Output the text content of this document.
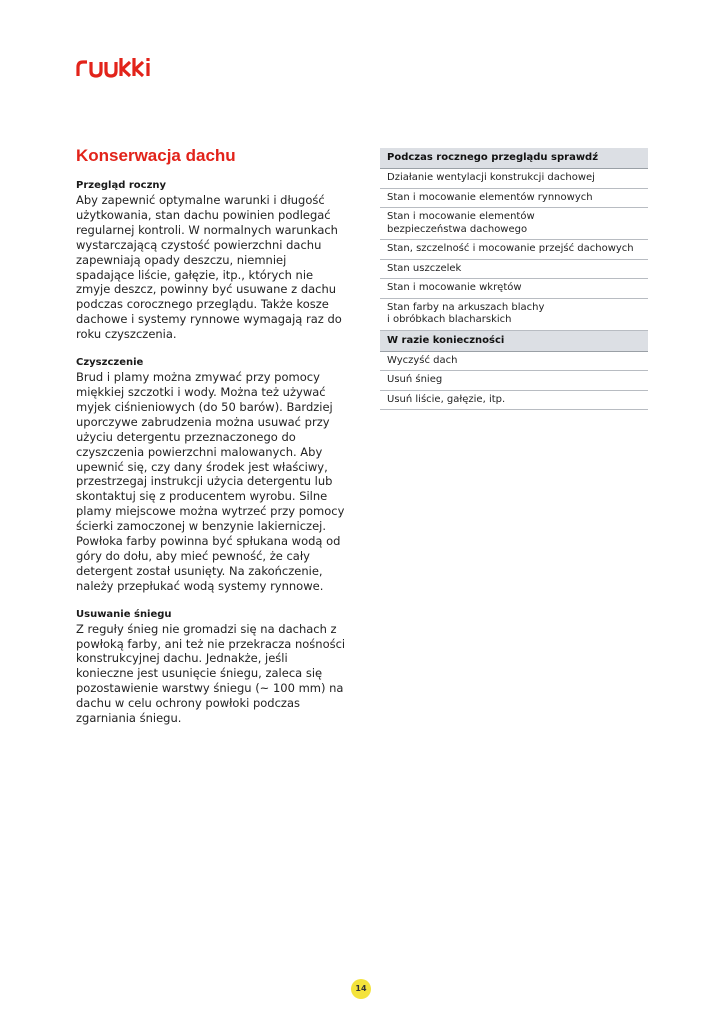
Konserwacja dachu

Przegląd roczny

Aby zapewnić optymalne warunki i długość użytkowania, stan dachu powinien podlegać regularnej kontroli. W normalnych warunkach wystarczającą czystość powierzchni dachu zapewniają opady deszczu, niemniej spadające liście, gałęzie, itp., których nie zmyje deszcz, powinny być usuwane z dachu podczas corocznego przeglądu. Także kosze dachowe i systemy rynnowe wymagają raz do roku czyszczenia.

Czyszczenie

Brud i plamy można zmywać przy pomocy miękkiej szczotki i wody. Można też używać myjek ciśnieniowych (do 50 barów). Bardziej uporczywe zabrudzenia można usuwać przy użyciu detergentu przeznaczonego do czyszczenia powierzchni malowanych. Aby upewnić się, czy dany środek jest właściwy, przestrzegaj instrukcji użycia detergentu lub skontaktuj się z producentem wyrobu. Silne plamy miejscowe można wytrzeć przy pomocy ścierki zamoczonej w benzynie lakierniczej. Powłoka farby powinna być spłukana wodą od góry do dołu, aby mieć pewność, że cały detergent został usunięty. Na zakończenie, należy przepłukać wodą systemy rynnowe.

Usuwanie śniegu

Z reguły śnieg nie gromadzi się na dachach z powłoką farby, ani też nie przekracza nośności konstrukcyjnej dachu. Jednakże, jeśli konieczne jest usunięcie śniegu, zaleca się pozostawienie warstwy śniegu (~ 100 mm) na dachu w celu ochrony powłoki podczas zgarniania śniegu.

Podczas rocznego przeglądu sprawdź
Działanie wentylacji konstrukcji dachowej
Stan i mocowanie elementów rynnowych
Stan i mocowanie elementów
bezpieczeństwa dachowego
Stan, szczelność i mocowanie przejść dachowych
Stan uszczelek
Stan i mocowanie wkrętów
Stan farby na arkuszach blachy
i obróbkach blacharskich
W razie konieczności
Wyczyść dach
Usuń śnieg
Usuń liście, gałęzie, itp.
14
